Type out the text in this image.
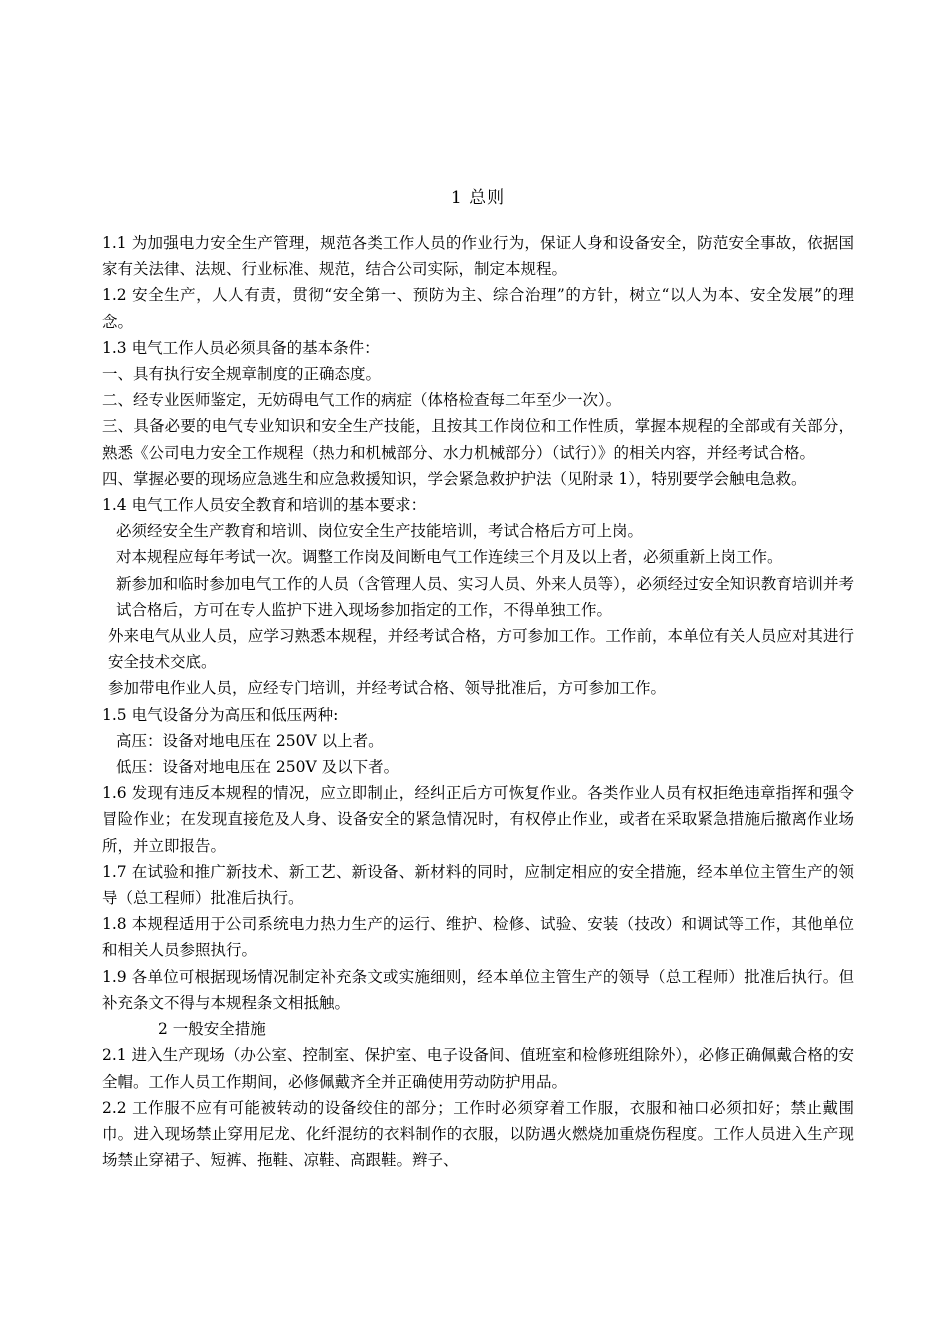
1 总则

1.1 为加强电力安全生产管理，规范各类工作人员的作业行为，保证人身和设备安全，防范安全事故，依据国家有关法律、法规、行业标准、规范，结合公司实际，制定本规程。

1.2 安全生产，人人有责，贯彻“安全第一、预防为主、综合治理”的方针，树立“以人为本、安全发展”的理念。

1.3 电气工作人员必须具备的基本条件：

一、具有执行安全规章制度的正确态度。

二、经专业医师鉴定，无妨碍电气工作的病症（体格检查每二年至少一次）。

三、具备必要的电气专业知识和安全生产技能，且按其工作岗位和工作性质，掌握本规程的全部或有关部分，熟悉《公司电力安全工作规程（热力和机械部分、水力机械部分）（试行）》的相关内容，并经考试合格。

四、掌握必要的现场应急逃生和应急救援知识，学会紧急救护护法（见附录 1），特别要学会触电急救。

1.4 电气工作人员安全教育和培训的基本要求：

必须经安全生产教育和培训、岗位安全生产技能培训，考试合格后方可上岗。

对本规程应每年考试一次。调整工作岗及间断电气工作连续三个月及以上者，必须重新上岗工作。

新参加和临时参加电气工作的人员（含管理人员、实习人员、外来人员等），必须经过安全知识教育培训并考试合格后，方可在专人监护下进入现场参加指定的工作，不得单独工作。

外来电气从业人员，应学习熟悉本规程，并经考试合格，方可参加工作。工作前，本单位有关人员应对其进行安全技术交底。

参加带电作业人员，应经专门培训，并经考试合格、领导批准后，方可参加工作。

1.5 电气设备分为高压和低压两种:

高压：设备对地电压在 250V 以上者。

低压：设备对地电压在 250V 及以下者。

1.6 发现有违反本规程的情况，应立即制止，经纠正后方可恢复作业。各类作业人员有权拒绝违章指挥和强令冒险作业；在发现直接危及人身、设备安全的紧急情况时，有权停止作业，或者在采取紧急措施后撤离作业场所，并立即报告。

1.7 在试验和推广新技术、新工艺、新设备、新材料的同时，应制定相应的安全措施，经本单位主管生产的领导（总工程师）批准后执行。

1.8 本规程适用于公司系统电力热力生产的运行、维护、检修、试验、安装（技改）和调试等工作，其他单位和相关人员参照执行。

1.9 各单位可根据现场情况制定补充条文或实施细则，经本单位主管生产的领导（总工程师）批准后执行。但补充条文不得与本规程条文相抵触。

2 一般安全措施

2.1 进入生产现场（办公室、控制室、保护室、电子设备间、值班室和检修班组除外），必修正确佩戴合格的安全帽。工作人员工作期间，必修佩戴齐全并正确使用劳动防护用品。

2.2 工作服不应有可能被转动的设备绞住的部分；工作时必须穿着工作服，衣服和袖口必须扣好；禁止戴围巾。进入现场禁止穿用尼龙、化纤混纺的衣料制作的衣服，以防遇火燃烧加重烧伤程度。工作人员进入生产现场禁止穿裙子、短裤、拖鞋、凉鞋、高跟鞋。辫子、
